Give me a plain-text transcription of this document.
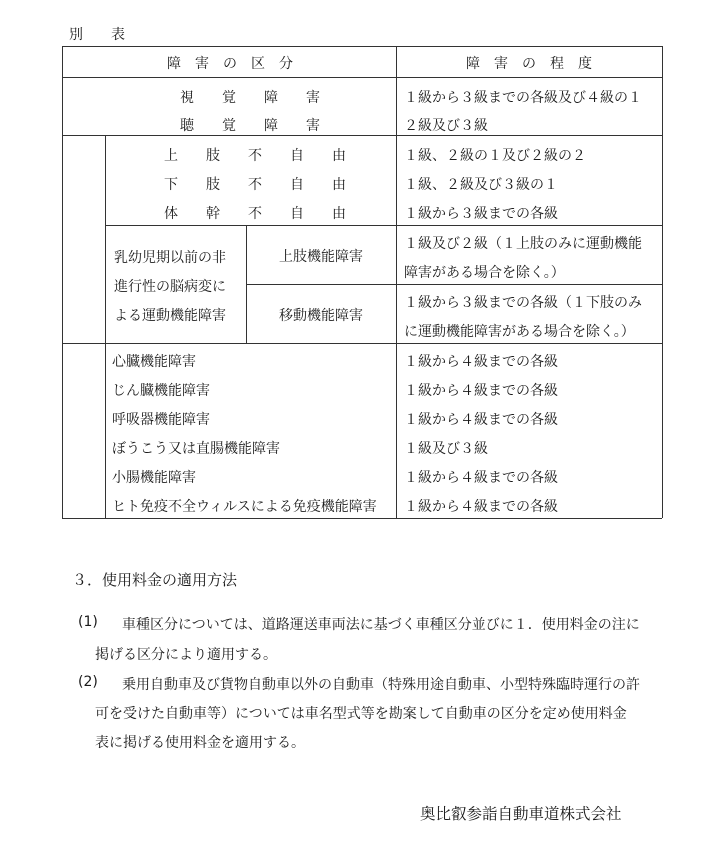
別　　表
障　害　の　区　分	障　害　の　程　度
視　　覚　　障　　害
聴　　覚　　障　　害
１級から３級までの各級及び４級の１
２級及び３級
上　　肢　　不　　自　　由
下　　肢　　不　　自　　由
体　　幹　　不　　自　　由
１級、２級の１及び２級の２
１級、２級及び３級の１
１級から３級までの各級
乳幼児期以前の非
進行性の脳病変に
よる運動機能障害
上肢機能障害
移動機能障害
１級及び２級（１上肢のみに運動機能
障害がある場合を除く。）
１級から３級までの各級（１下肢のみ
に運動機能障害がある場合を除く。）
心臓機能障害
じん臓機能障害
呼吸器機能障害
ぼうこう又は直腸機能障害
小腸機能障害
ヒト免疫不全ウィルスによる免疫機能障害
１級から４級までの各級
１級から４級までの各級
１級から４級までの各級
１級及び３級
１級から４級までの各級
１級から４級までの各級
３．使用料金の適用方法
(1) 車種区分については、道路運送車両法に基づく車種区分並びに１．使用料金の注に
掲げる区分により適用する。
(2) 乗用自動車及び貨物自動車以外の自動車（特殊用途自動車、小型特殊臨時運行の許
可を受けた自動車等）については車名型式等を勘案して自動車の区分を定め使用料金
表に掲げる使用料金を適用する。
奥比叡参詣自動車道株式会社
